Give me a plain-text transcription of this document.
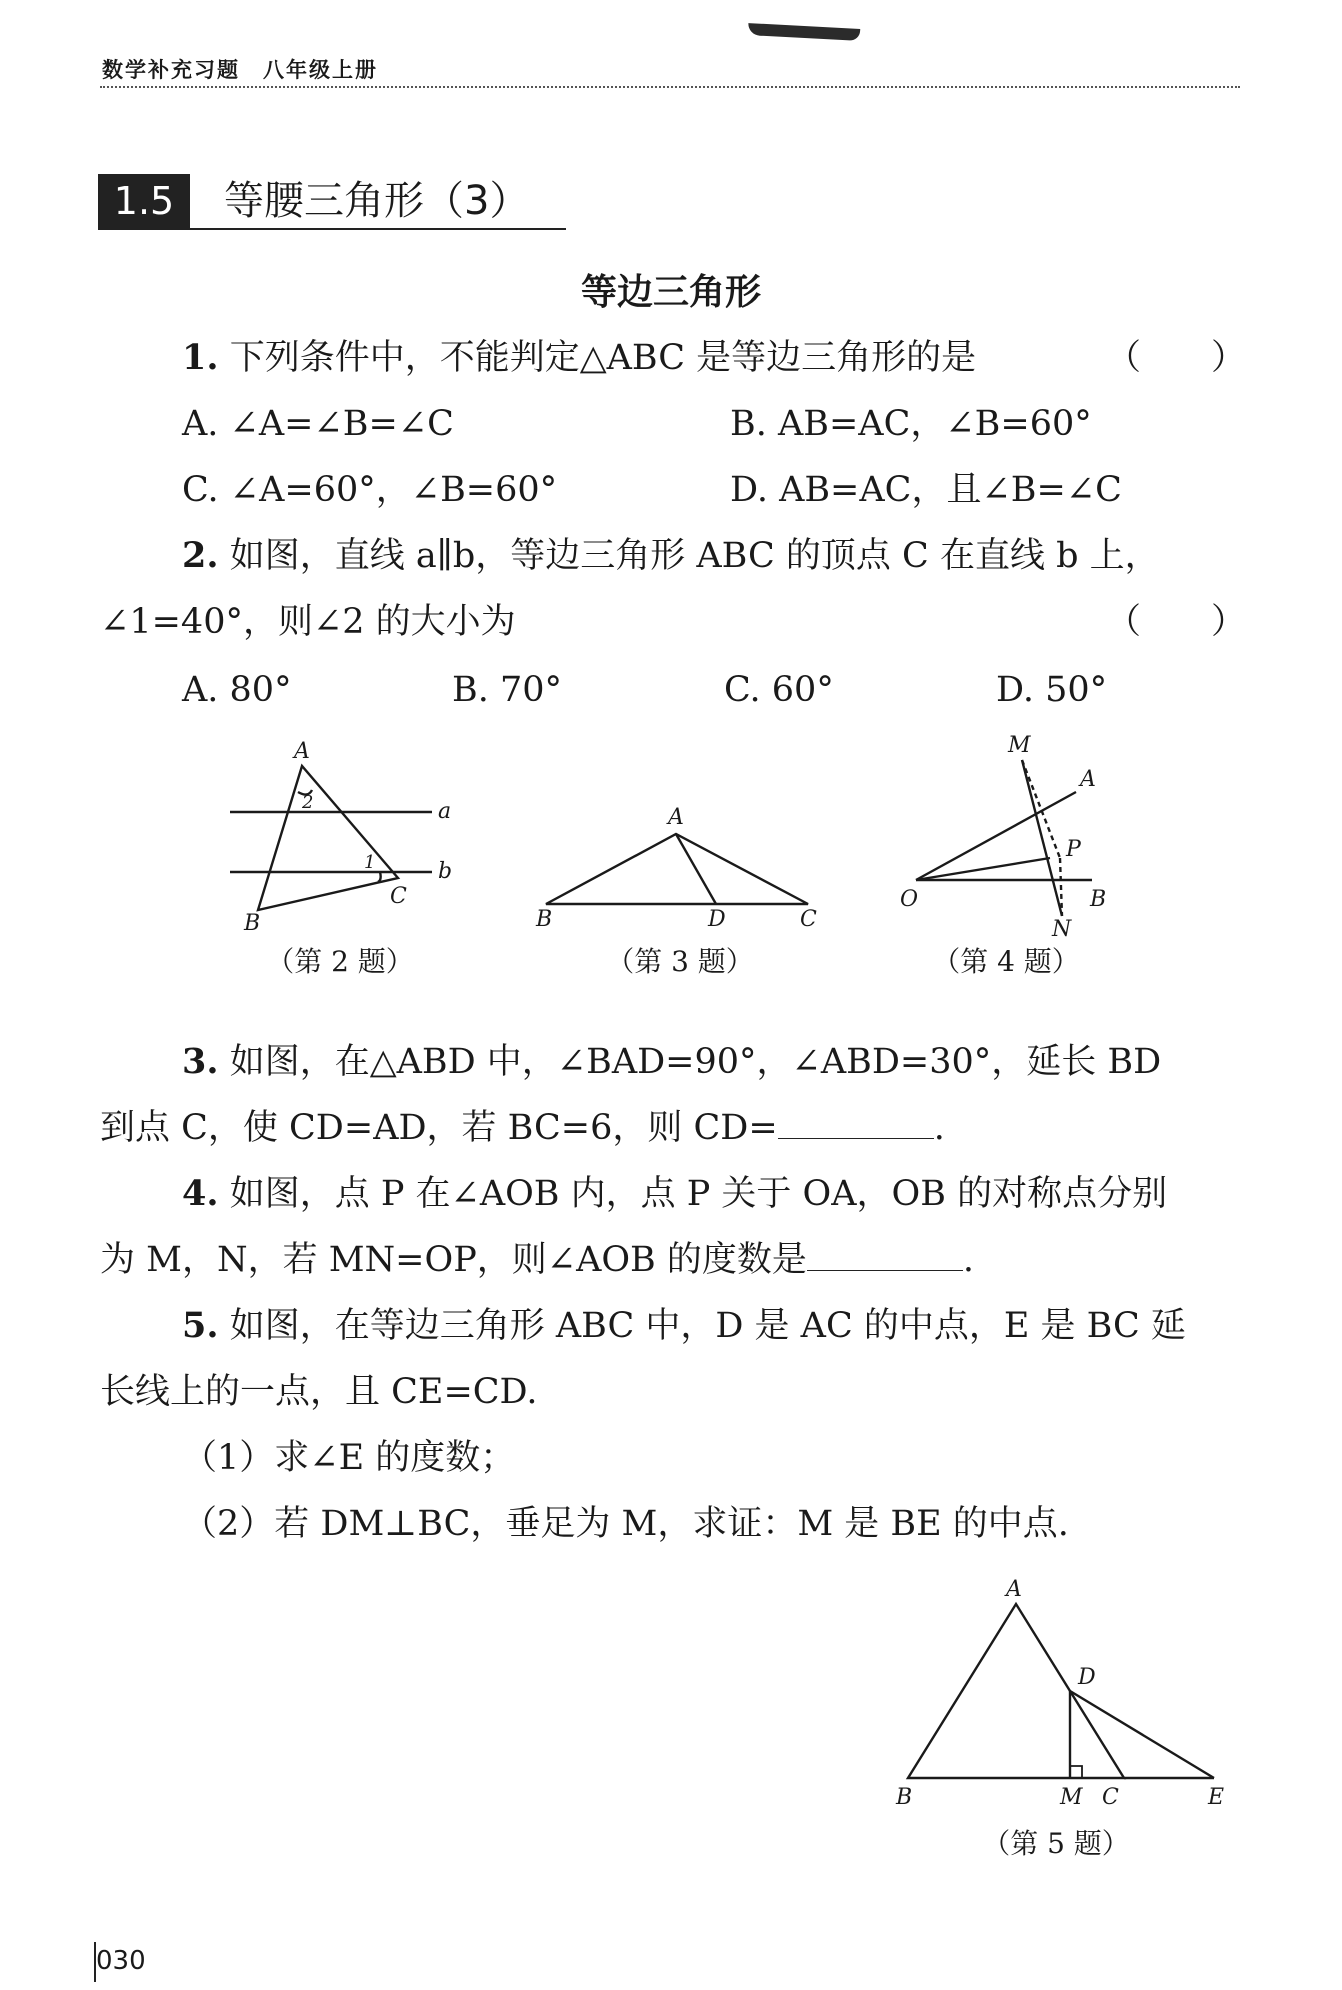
数学补充习题　八年级上册
1.5	等腰三角形（3）
等边三角形
1. 下列条件中，不能判定△ABC 是等边三角形的是	（　　）
A. ∠A=∠B=∠C	B. AB=AC，∠B=60°
C. ∠A=60°，∠B=60°	D. AB=AC，且∠B=∠C
2. 如图，直线 a∥b，等边三角形 ABC 的顶点 C 在直线 b 上，
∠1=40°，则∠2 的大小为	（　　）
A. 80°	B. 70°	C. 60°	D. 50°
A
B
C
a
b
1
2
（第 2 题）
A
B	D	C
（第 3 题）
M
A
P
O	B
N
（第 4 题）
3. 如图，在△ABD 中，∠BAD=90°，∠ABD=30°，延长 BD
到点 C，使 CD=AD，若 BC=6，则 CD=	.
4. 如图，点 P 在∠AOB 内，点 P 关于 OA，OB 的对称点分别
为 M，N，若 MN=OP，则∠AOB 的度数是	.
5. 如图，在等边三角形 ABC 中，D 是 AC 的中点，E 是 BC 延
长线上的一点，且 CE=CD.
（1）求∠E 的度数；
（2）若 DM⊥BC，垂足为 M，求证：M 是 BE 的中点.
A
D
B	M C	E
（第 5 题）
030
